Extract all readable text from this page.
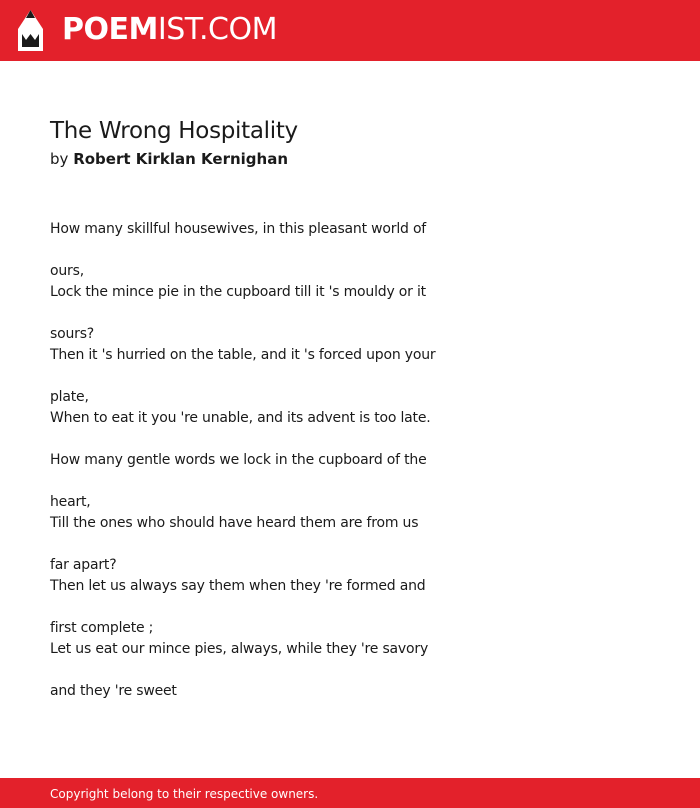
POEMIST.COM
The Wrong Hospitality
by Robert Kirklan Kernighan
How many skillful housewives, in this pleasant world of
ours,
Lock the mince pie in the cupboard till it 's mouldy or it
sours?
Then it 's hurried on the table, and it 's forced upon your
plate,
When to eat it you 're unable, and its advent is too late.
How many gentle words we lock in the cupboard of the
heart,
Till the ones who should have heard them are from us
far apart?
Then let us always say them when they 're formed and
first complete ;
Let us eat our mince pies, always, while they 're savory
and they 're sweet
Copyright belong to their respective owners.
